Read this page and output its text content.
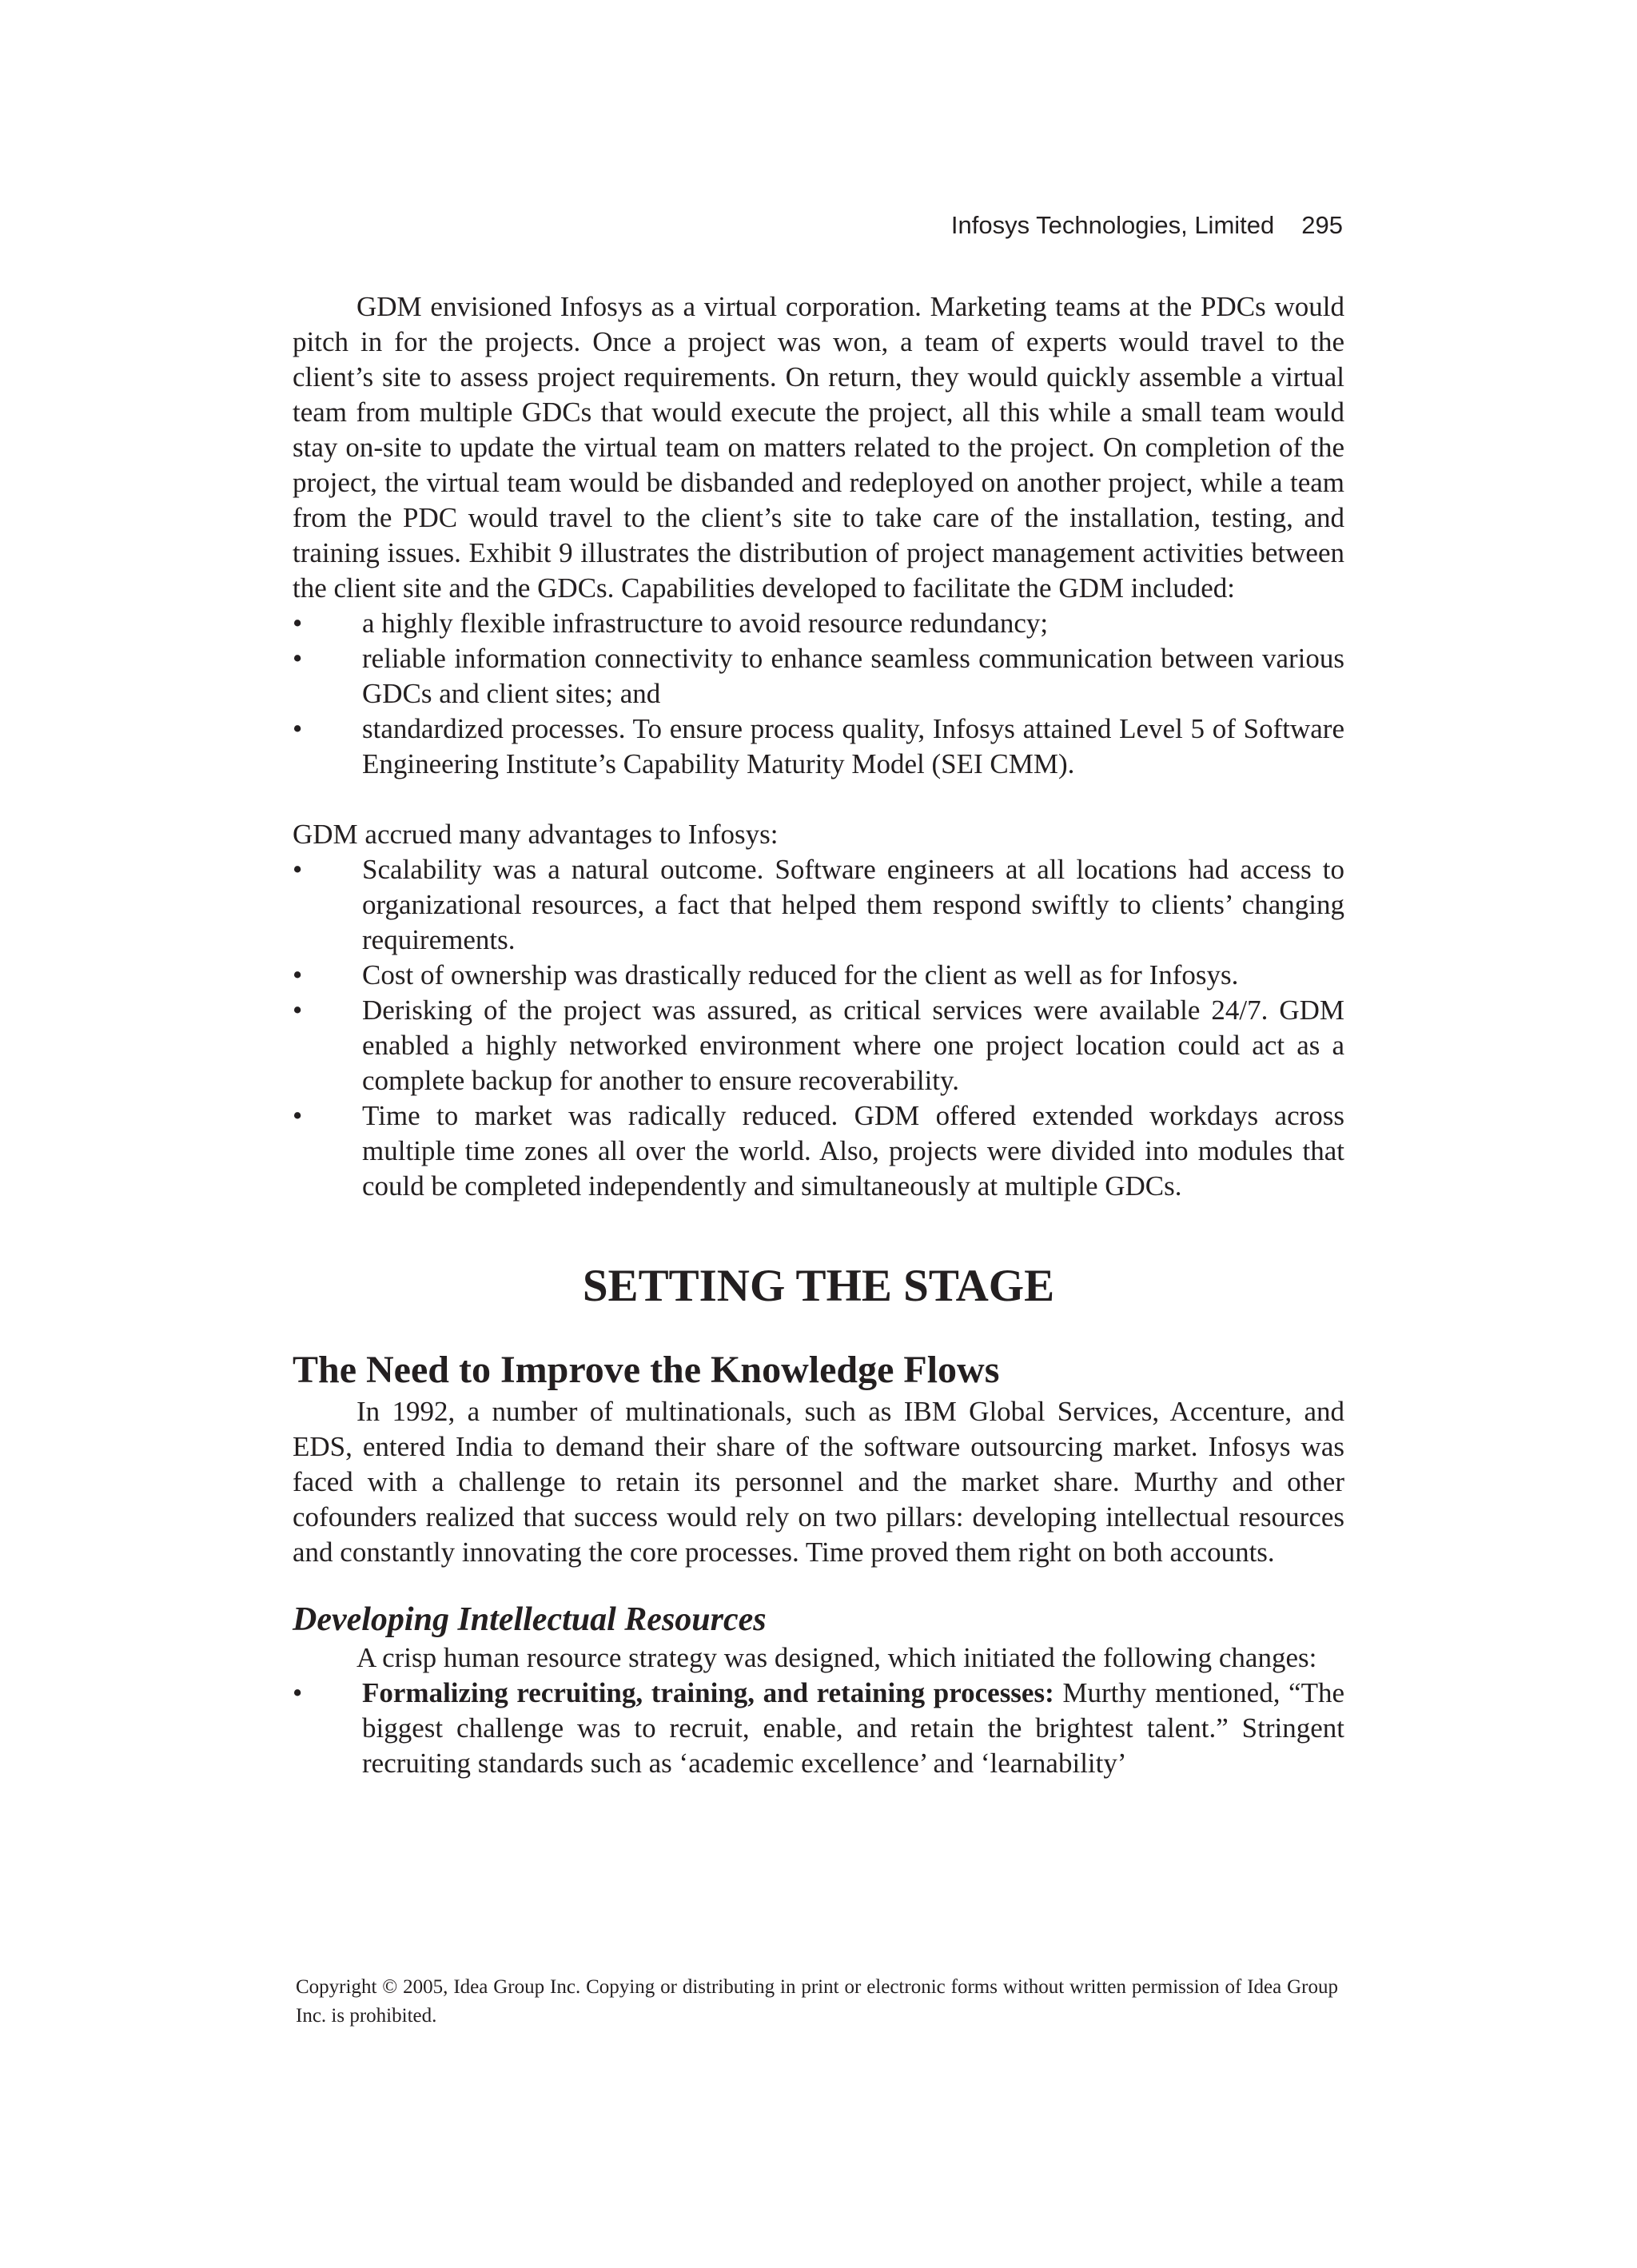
Infosys Technologies, Limited 295

GDM envisioned Infosys as a virtual corporation. Marketing teams at the PDCs would pitch in for the projects. Once a project was won, a team of experts would travel to the client’s site to assess project requirements. On return, they would quickly assemble a virtual team from multiple GDCs that would execute the project, all this while a small team would stay on-site to update the virtual team on matters related to the project. On completion of the project, the virtual team would be disbanded and redeployed on another project, while a team from the PDC would travel to the client’s site to take care of the installation, testing, and training issues. Exhibit 9 illustrates the distribution of project management activities between the client site and the GDCs. Capabilities developed to facilitate the GDM included:

• a highly flexible infrastructure to avoid resource redundancy;
• reliable information connectivity to enhance seamless communication between various GDCs and client sites; and
• standardized processes. To ensure process quality, Infosys attained Level 5 of Software Engineering Institute’s Capability Maturity Model (SEI CMM).

GDM accrued many advantages to Infosys:

• Scalability was a natural outcome. Software engineers at all locations had access to organizational resources, a fact that helped them respond swiftly to clients’ changing requirements.
• Cost of ownership was drastically reduced for the client as well as for Infosys.
• Derisking of the project was assured, as critical services were available 24/7. GDM enabled a highly networked environment where one project location could act as a complete backup for another to ensure recoverability.
• Time to market was radically reduced. GDM offered extended workdays across multiple time zones all over the world. Also, projects were divided into modules that could be completed independently and simultaneously at multiple GDCs.
SETTING THE STAGE
The Need to Improve the Knowledge Flows

In 1992, a number of multinationals, such as IBM Global Services, Accenture, and EDS, entered India to demand their share of the software outsourcing market. Infosys was faced with a challenge to retain its personnel and the market share. Murthy and other cofounders realized that success would rely on two pillars: developing intellectual resources and constantly innovating the core processes. Time proved them right on both accounts.

Developing Intellectual Resources

A crisp human resource strategy was designed, which initiated the following changes:

• Formalizing recruiting, training, and retaining processes: Murthy mentioned, “The biggest challenge was to recruit, enable, and retain the brightest talent.” Stringent recruiting standards such as ‘academic excellence’ and ‘learnability’
Copyright © 2005, Idea Group Inc. Copying or distributing in print or electronic forms without written permission of Idea Group Inc. is prohibited.
